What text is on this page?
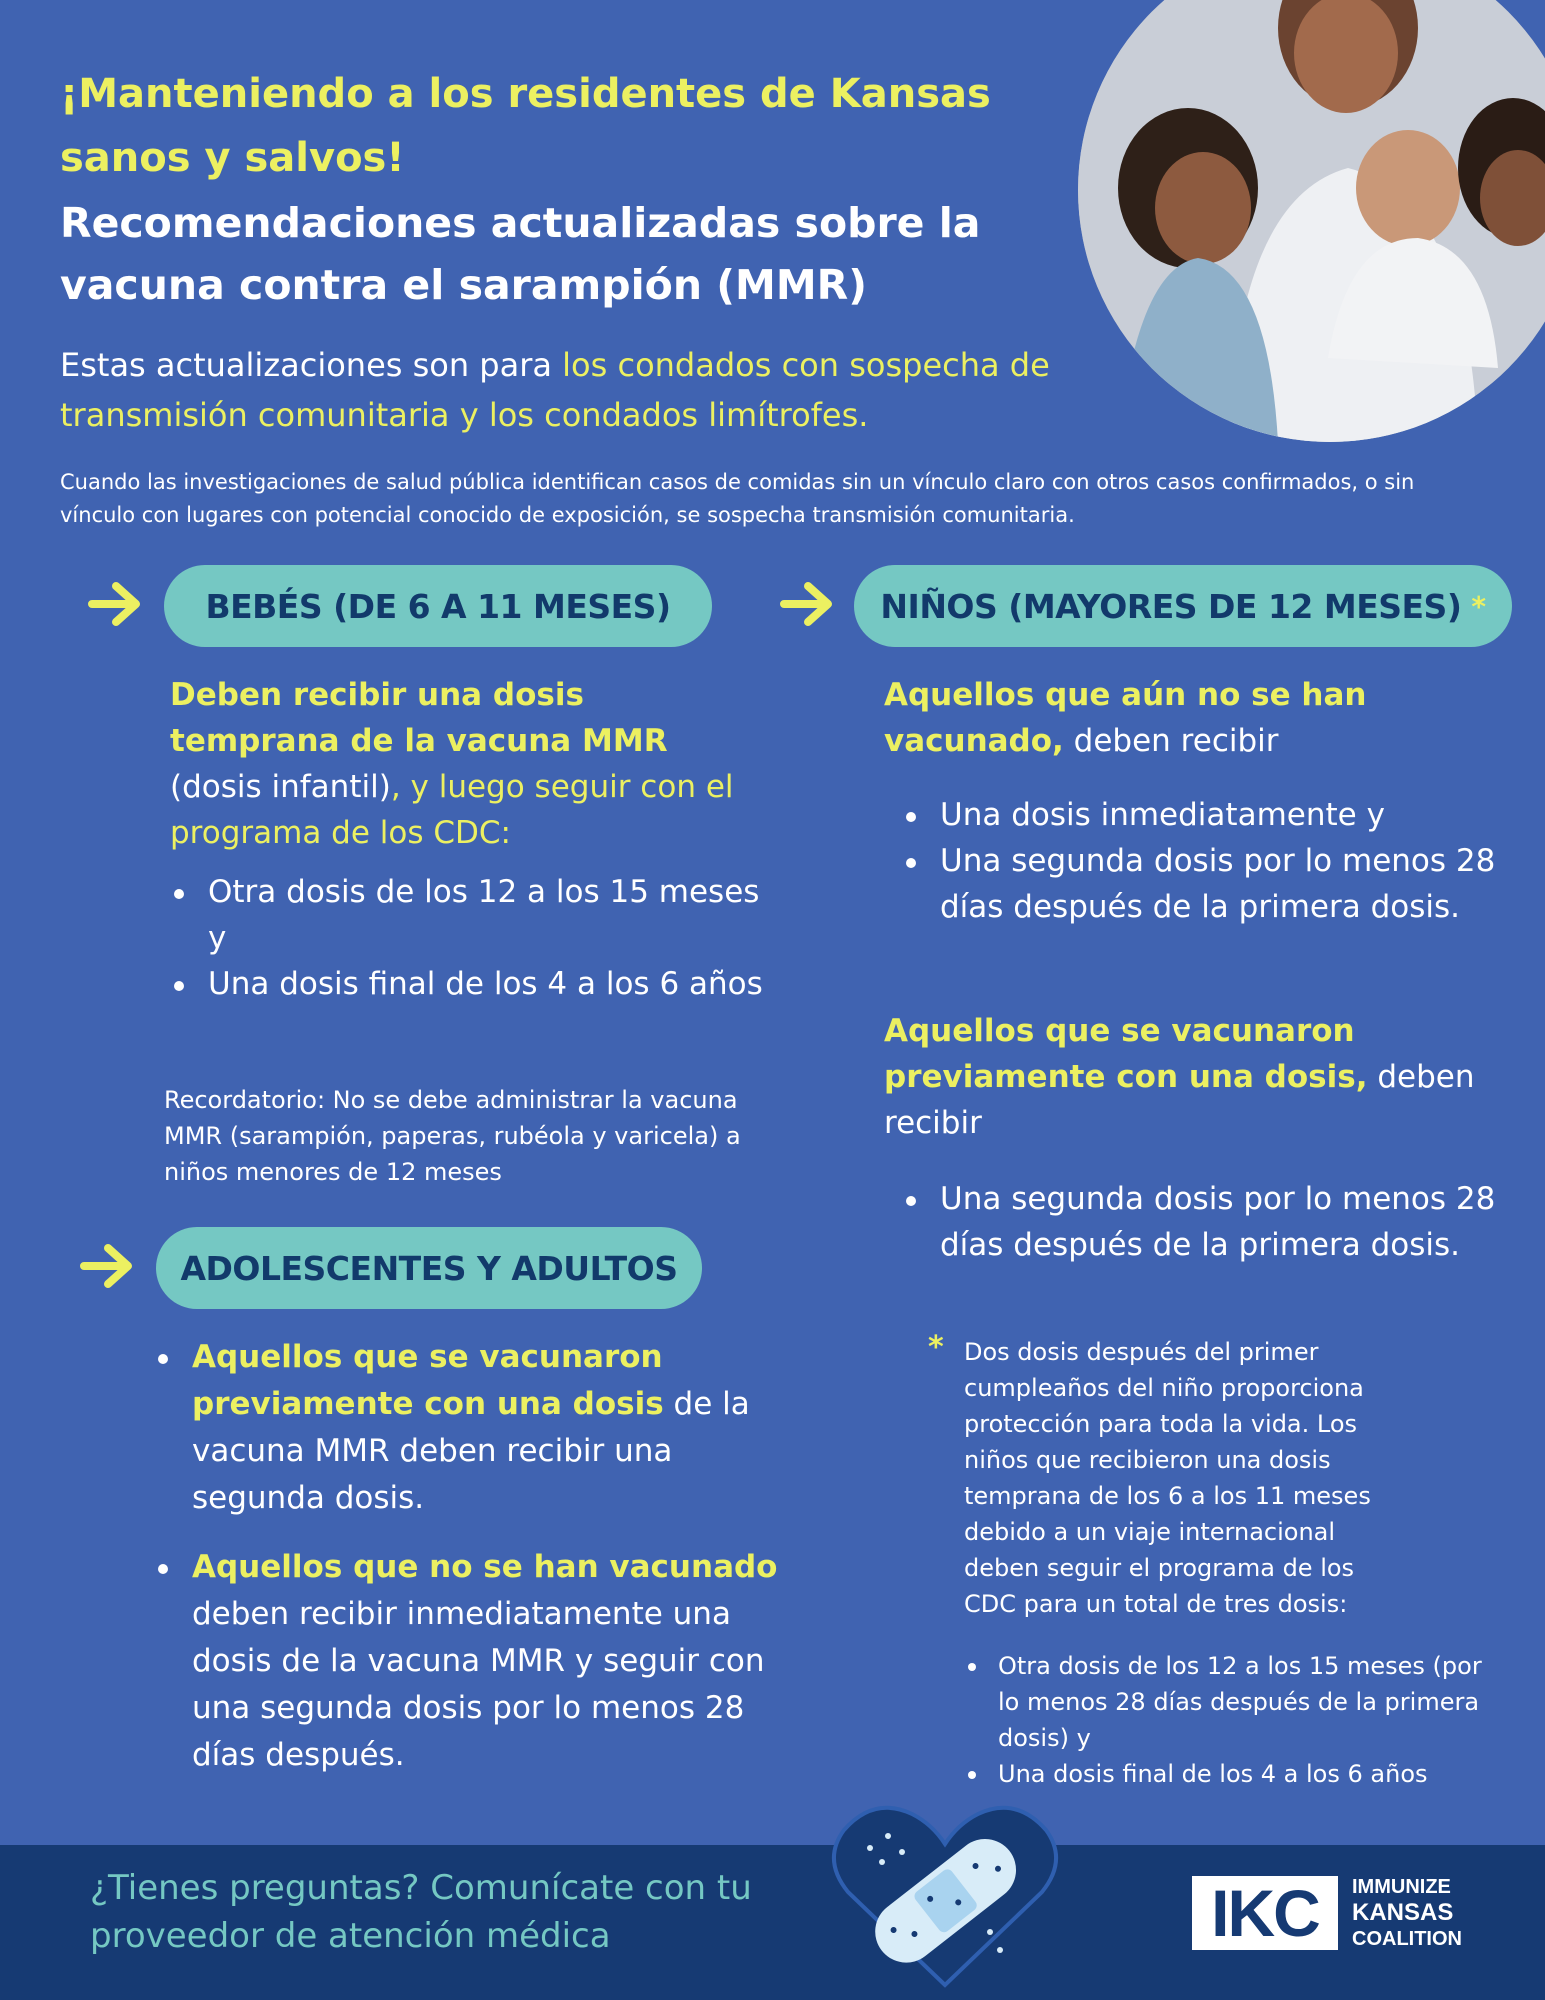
¡Manteniendo a los residentes de Kansas sanos y salvos!
Recomendaciones actualizadas sobre la vacuna contra el sarampión (MMR)
Estas actualizaciones son para los condados con sospecha de transmisión comunitaria y los condados limítrofes.
Cuando las investigaciones de salud pública identifican casos de comidas sin un vínculo claro con otros casos confirmados, o sin vínculo con lugares con potencial conocido de exposición, se sospecha transmisión comunitaria.
BEBÉS (DE 6 A 11 MESES)
Deben recibir una dosis temprana de la vacuna MMR (dosis infantil), y luego seguir con el programa de los CDC:
Otra dosis de los 12 a los 15 meses y
Una dosis final de los 4 a los 6 años
Recordatorio: No se debe administrar la vacuna MMR (sarampión, paperas, rubéola y varicela) a niños menores de 12 meses
ADOLESCENTES Y ADULTOS
Aquellos que se vacunaron previamente con una dosis de la vacuna MMR deben recibir una segunda dosis.
Aquellos que no se han vacunado deben recibir inmediatamente una dosis de la vacuna MMR y seguir con una segunda dosis por lo menos 28 días después.
NIÑOS (MAYORES DE 12 MESES) *
Aquellos que aún no se han vacunado, deben recibir
Una dosis inmediatamente y
Una segunda dosis por lo menos 28 días después de la primera dosis.
Aquellos que se vacunaron previamente con una dosis, deben recibir
Una segunda dosis por lo menos 28 días después de la primera dosis.
* Dos dosis después del primer cumpleaños del niño proporciona protección para toda la vida. Los niños que recibieron una dosis temprana de los 6 a los 11 meses debido a un viaje internacional deben seguir el programa de los CDC para un total de tres dosis:
Otra dosis de los 12 a los 15 meses (por lo menos 28 días después de la primera dosis) y
Una dosis final de los 4 a los 6 años
¿Tienes preguntas? Comunícate con tu proveedor de atención médica	IKC	IMMUNIZE
KANSAS
COALITION
